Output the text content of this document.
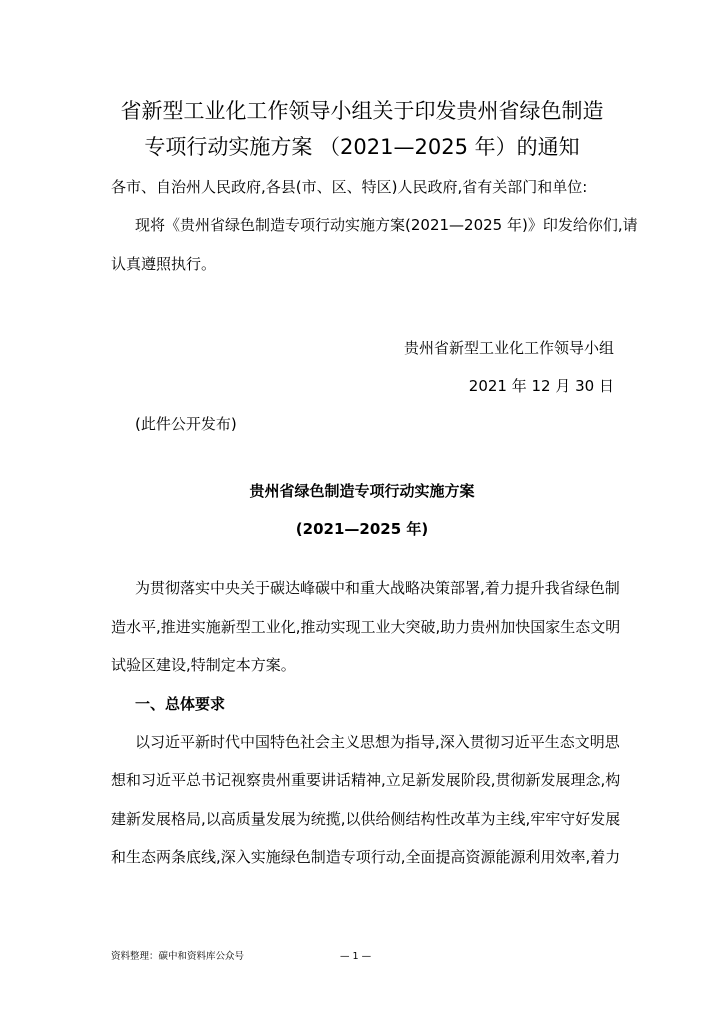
省新型工业化工作领导小组关于印发贵州省绿色制造
专项行动实施方案 （2021—2025 年）的通知
各市、自治州人民政府,各县(市、区、特区)人民政府,省有关部门和单位:
现将《贵州省绿色制造专项行动实施方案(2021—2025 年)》印发给你们,请
认真遵照执行。
贵州省新型工业化工作领导小组
2021 年 12 月 30 日
(此件公开发布)
贵州省绿色制造专项行动实施方案
(2021—2025 年)
为贯彻落实中央关于碳达峰碳中和重大战略决策部署,着力提升我省绿色制
造水平,推进实施新型工业化,推动实现工业大突破,助力贵州加快国家生态文明
试验区建设,特制定本方案。
一、总体要求
以习近平新时代中国特色社会主义思想为指导,深入贯彻习近平生态文明思
想和习近平总书记视察贵州重要讲话精神,立足新发展阶段,贯彻新发展理念,构
建新发展格局,以高质量发展为统揽,以供给侧结构性改革为主线,牢牢守好发展
和生态两条底线,深入实施绿色制造专项行动,全面提高资源能源利用效率,着力
资料整理：碳中和资料库公众号	— 1 —
